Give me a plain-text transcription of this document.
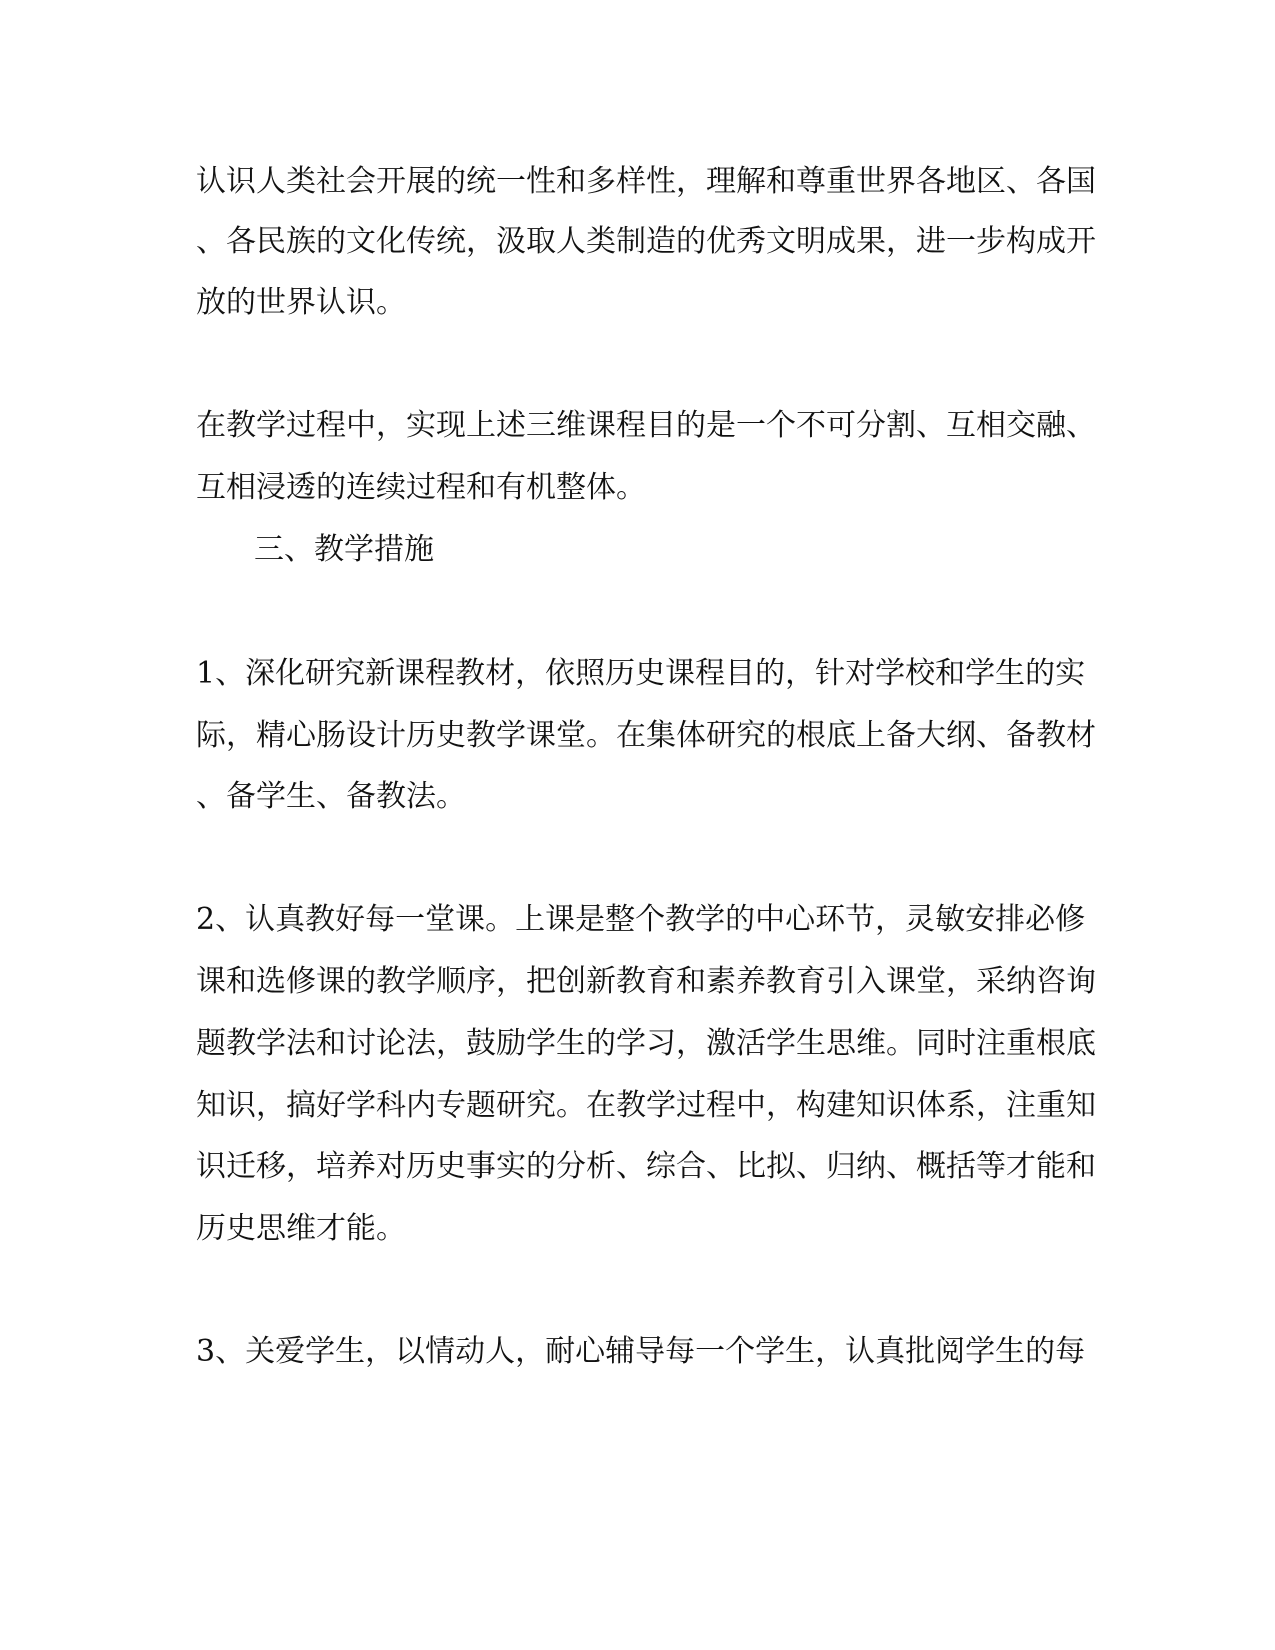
认识人类社会开展的统一性和多样性，理解和尊重世界各地区、各国
、各民族的文化传统，汲取人类制造的优秀文明成果，进一步构成开
放的世界认识。
在教学过程中，实现上述三维课程目的是一个不可分割、互相交融、
互相浸透的连续过程和有机整体。
三、教学措施
1、深化研究新课程教材，依照历史课程目的，针对学校和学生的实
际，精心肠设计历史教学课堂。在集体研究的根底上备大纲、备教材
、备学生、备教法。
2、认真教好每一堂课。上课是整个教学的中心环节，灵敏安排必修
课和选修课的教学顺序，把创新教育和素养教育引入课堂，采纳咨询
题教学法和讨论法，鼓励学生的学习，激活学生思维。同时注重根底
知识，搞好学科内专题研究。在教学过程中，构建知识体系，注重知
识迁移，培养对历史事实的分析、综合、比拟、归纳、概括等才能和
历史思维才能。
3、关爱学生，以情动人，耐心辅导每一个学生，认真批阅学生的每
